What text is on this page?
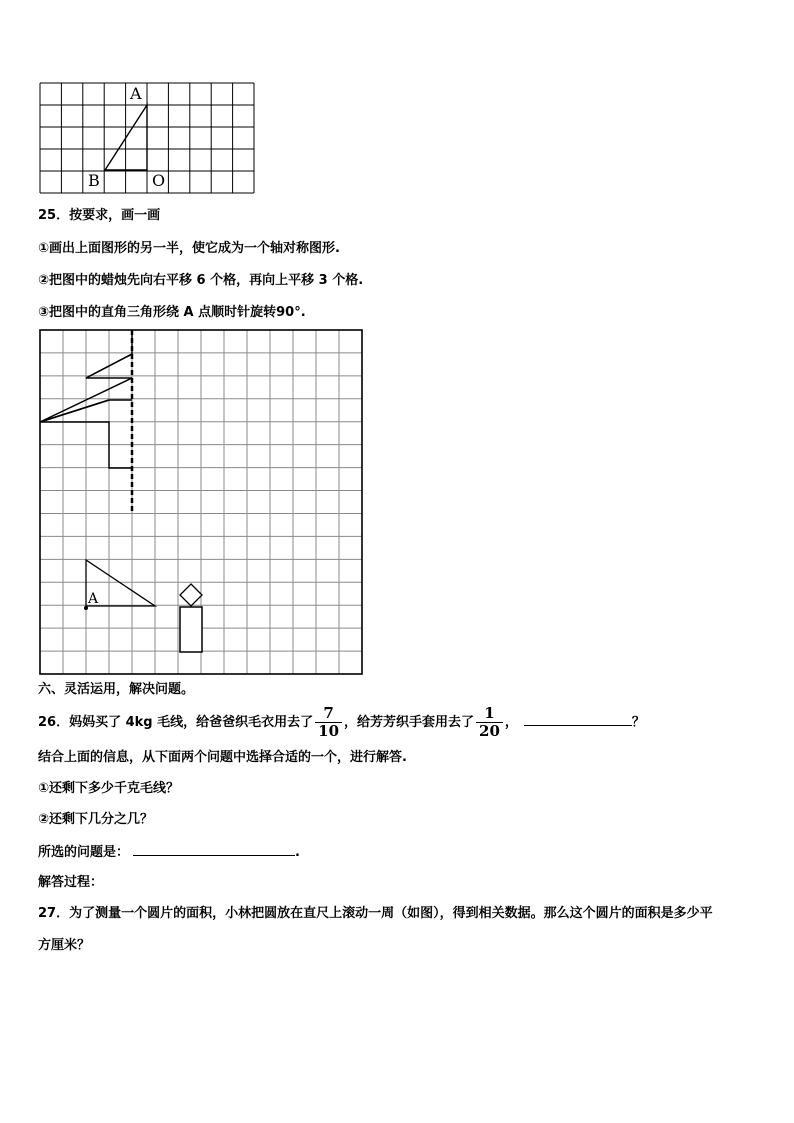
A
B	O
25．按要求，画一画
①画出上面图形的另一半，使它成为一个轴对称图形.
②把图中的蜡烛先向右平移 6 个格，再向上平移 3 个格.
③把图中的直角三角形绕 A 点顺时针旋转90°.
A
六、灵活运用，解决问题。
26．妈妈买了 4kg 毛线，给爸爸织毛衣用去了 $\frac{7}{10}$ ，给芳芳织手套用去了 $\frac{1}{20}$ ，	？
结合上面的信息，从下面两个问题中选择合适的一个，进行解答.
①还剩下多少千克毛线？
②还剩下几分之几？
所选的问题是：	.
解答过程：
27．为了测量一个圆片的面积，小林把圆放在直尺上滚动一周（如图），得到相关数据。那么这个圆片的面积是多少平
方厘米？
